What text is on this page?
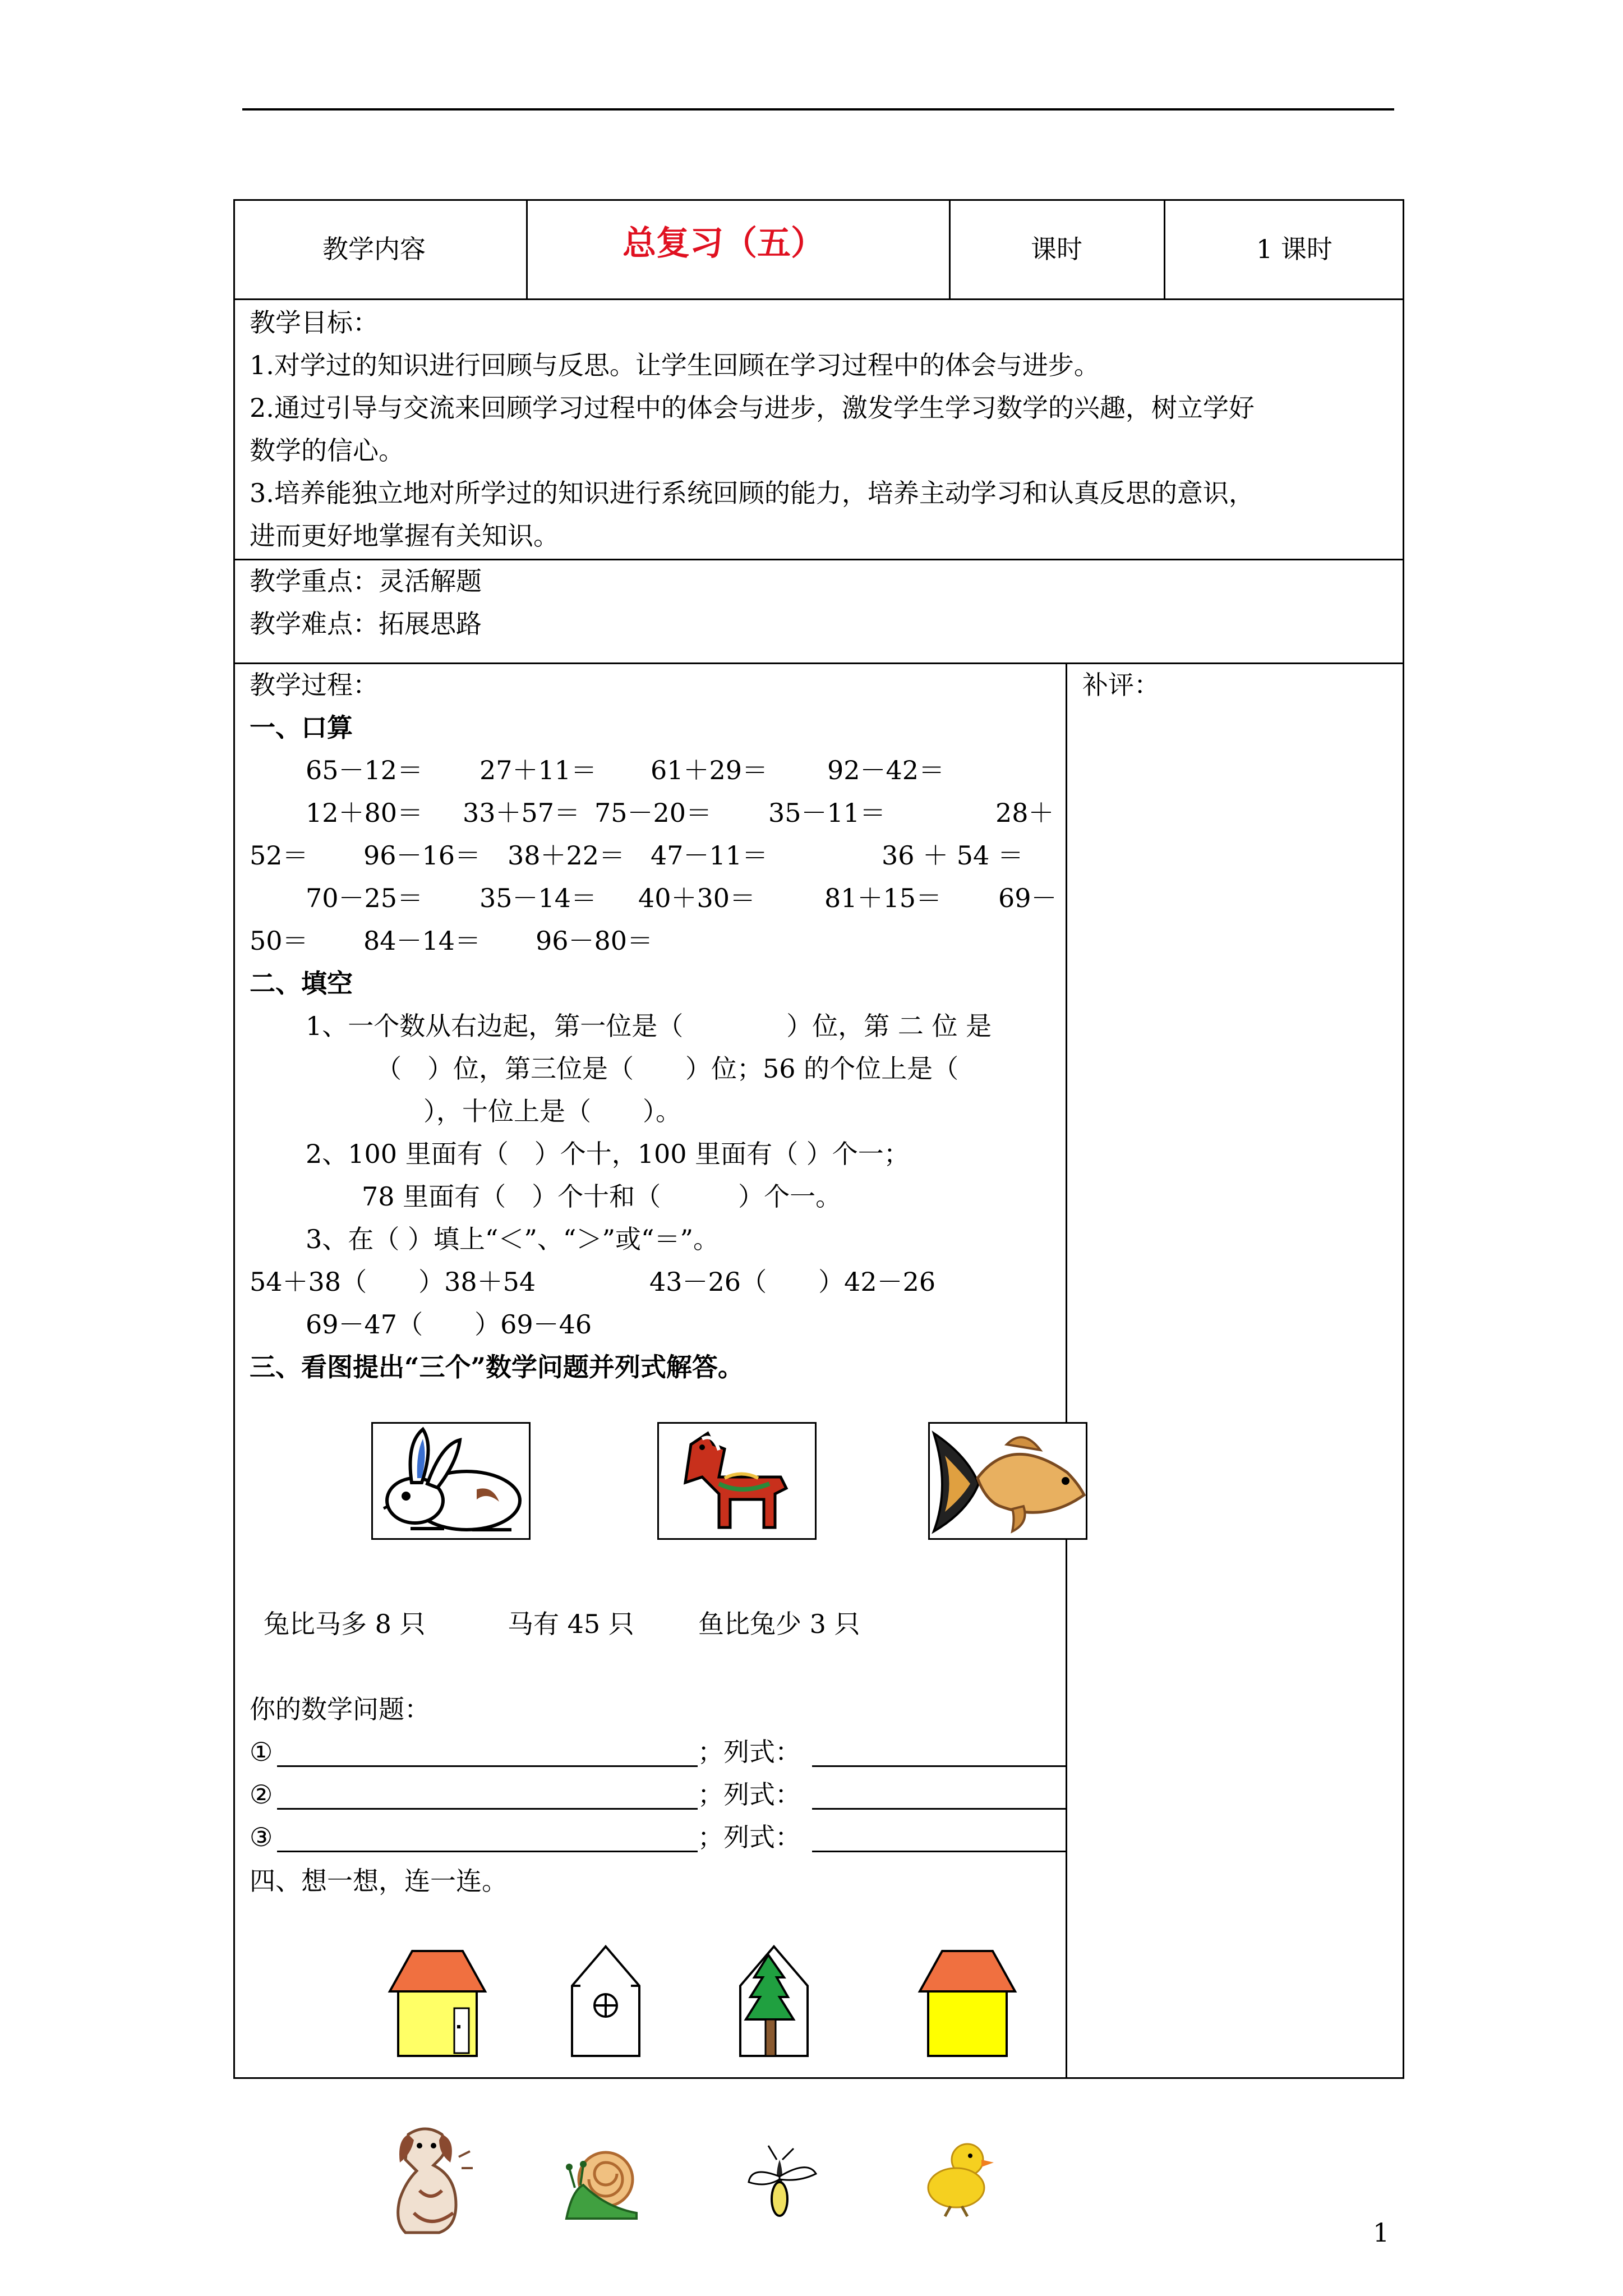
教学内容	总复习（五）	课时	1 课时
教学目标：
1.对学过的知识进行回顾与反思。让学生回顾在学习过程中的体会与进步。
2.通过引导与交流来回顾学习过程中的体会与进步，激发学生学习数学的兴趣，树立学好
数学的信心。
3.培养能独立地对所学过的知识进行系统回顾的能力，培养主动学习和认真反思的意识，
进而更好地掌握有关知识。
教学重点：灵活解题
教学难点：拓展思路
教学过程：	补评：
一、口算
65－12＝ 27＋11＝ 61＋29＝ 92－42＝
12＋80＝ 33＋57＝ 75－20＝ 35－11＝	28＋
52＝ 96－16＝ 38＋22＝ 47－11＝	36 ＋ 54 ＝
70－25＝ 35－14＝ 40＋30＝	81＋15＝ 69－
50＝ 84－14＝ 96－80＝
二、填空
1、一个数从右边起，第一位是（　　　　）位，第 二 位 是
（　）位，第三位是（　　）位；56 的个位上是（
），十位上是（　　）。
2、100 里面有（　）个十，100 里面有（ ）个一；
78 里面有（　）个十和（　　　）个一。
3、在（ ）填上“＜”、“＞”或“＝”。
54＋38（　　）38＋54	43－26（　　）42－26
69－47（　　）69－46
三、看图提出“三个”数学问题并列式解答。
兔比马多 8 只	马有 45 只 鱼比兔少 3 只
你的数学问题：
①	；列式：
②	；列式：
③	；列式：
四、想一想，连一连。
1
